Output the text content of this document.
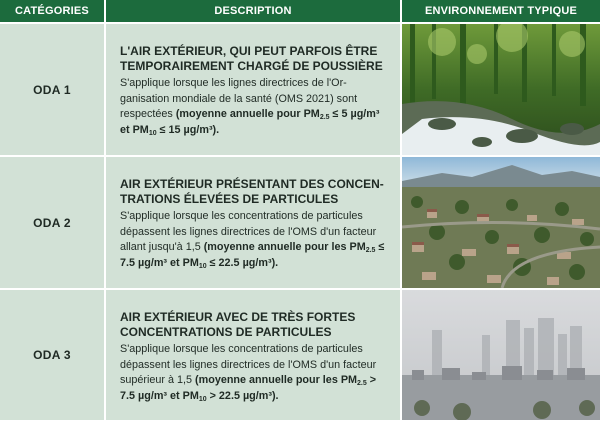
CATÉGORIES	DESCRIPTION	ENVIRONNEMENT TYPIQUE
ODA 1
L'AIR EXTÉRIEUR, QUI PEUT PARFOIS ÊTRE TEMPORAIREMENT CHARGÉ DE POUSSIÈRE

S'applique lorsque les lignes directrices de l'Or-ganisation mondiale de la santé (OMS 2021) sont respectées (moyenne annuelle pour $PM_{2.5} \le 5$ µg/m³ et $PM_{10} \le 15$ µg/m³).

ODA 2
AIR EXTÉRIEUR PRÉSENTANT DES CONCEN-TRATIONS ÉLEVÉES DE PARTICULES

S'applique lorsque les concentrations de particules dépassent les lignes directrices de l'OMS d'un facteur allant jusqu'à 1,5 (moyenne annuelle pour les $PM_{2.5} \le 7.5$ µg/m³ et $PM_{10} \le 22.5$ µg/m³).

ODA 3
AIR EXTÉRIEUR AVEC DE TRÈS FORTES CONCENTRATIONS DE PARTICULES

S'applique lorsque les concentrations de particules dépassent les lignes directrices de l'OMS d'un facteur supérieur à 1,5 (moyenne annuelle pour les $PM_{2.5} > 7.5$ µg/m³ et $PM_{10} > 22.5$ µg/m³).
